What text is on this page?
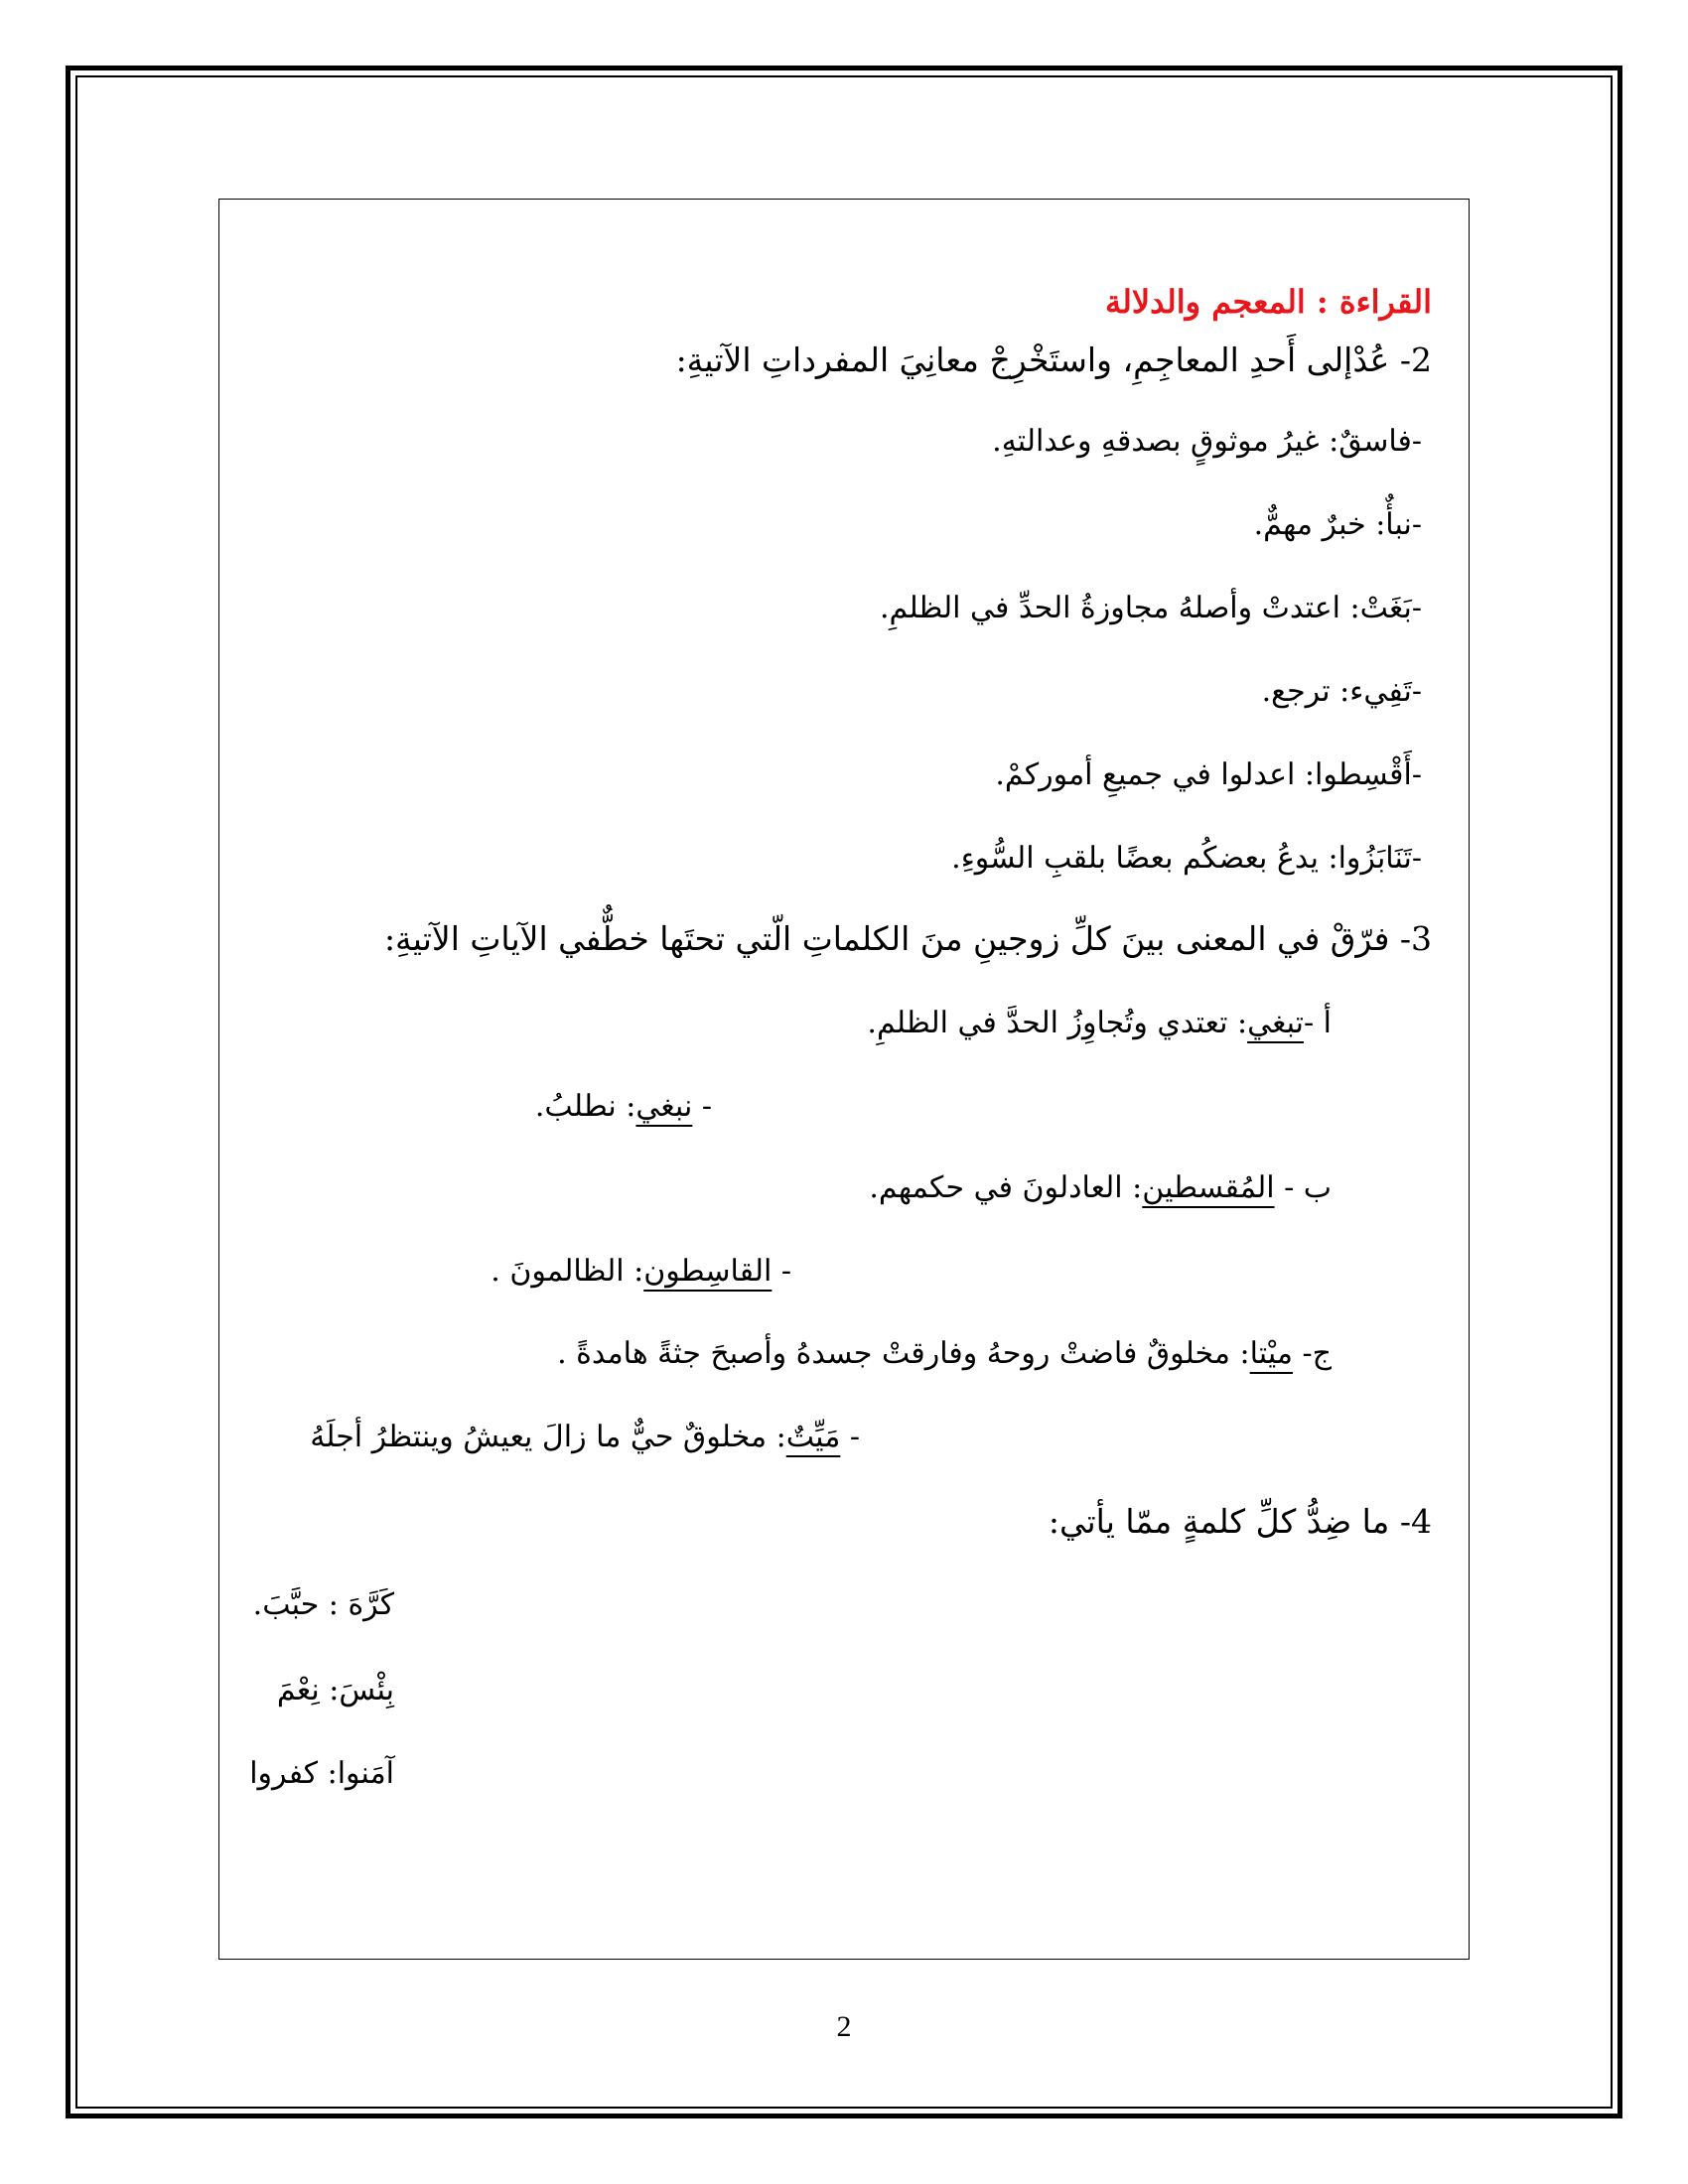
القراءة : المعجم والدلالة
2- عُدْإلى أَحدِ المعاجِمِ، واستَخْرِجْ معانِيَ المفرداتِ الآتيةِ:
-فاسقٌ: غيرُ موثوقٍ بصدقهِ وعدالتهِ.
-نبأٌ: خبرٌ مهمٌّ.
-بَغَتْ: اعتدتْ وأصلهُ مجاوزةُ الحدِّ في الظلمِ.
-تَفِيء: ترجع.
-أَقْسِطوا: اعدلوا في جميعِ أموركمْ.
-تَنَابَزُوا: يدعُ بعضكُم بعضًا بلقبِ السُّوءِ.
3- فرّقْ في المعنى بينَ كلِّ زوجينِ منَ الكلماتِ الّتي تحتَها خطٌّفي الآياتِ الآتيةِ:
أ -تبغي: تعتدي وتُجاوِزُ الحدَّ في الظلمِ.
- نبغي: نطلبُ.
ب - المُقسطين: العادلونَ في حكمهم.
- القاسِطون: الظالمونَ .
ج- ميْتا: مخلوقٌ فاضتْ روحهُ وفارقتْ جسدهُ وأصبحَ جثةً هامدةً .
- مَيِّتٌ: مخلوقٌ حيٌّ ما زالَ يعيشُ وينتظرُ أجلَهُ
4- ما ضِدُّ كلِّ كلمةٍ ممّا يأتي:
كَرَّهَ : حبَّبَ.
بِئْسَ: نِعْمَ
آمَنوا: كفروا
2
